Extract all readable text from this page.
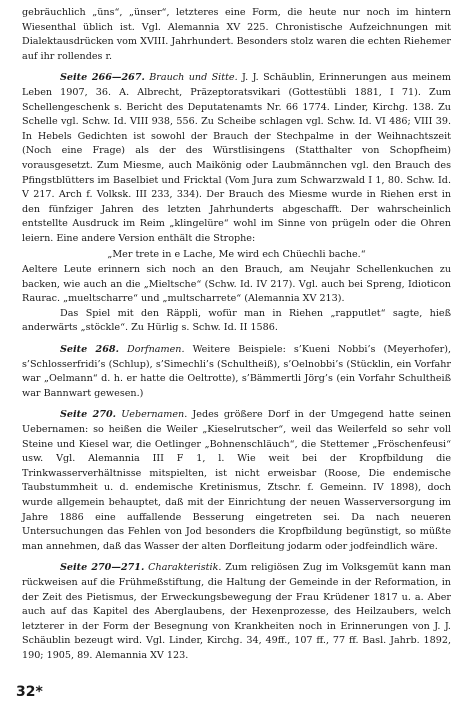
gebräuchlich „üns“, „ünser“, letzteres eine Form, die heute nur noch im hintern Wiesenthal üblich ist. Vgl. Alemannia XV 225. Chronistische Aufzeichnungen mit Dialektausdrücken vom XVIII. Jahrhundert. Besonders stolz waren die echten Riehemer auf ihr rollendes r.

Seite 266—267. Brauch und Sitte. J. J. Schäublin, Erinnerungen aus meinem Leben 1907, 36. A. Albrecht, Präzeptoratsvikari (Gottestübli 1881, I 71). Zum Schellengeschenk s. Bericht des Deputatenamts Nr. 66 1774. Linder, Kirchg. 138. Zu Schelle vgl. Schw. Id. VIII 938, 556. Zu Scheibe schlagen vgl. Schw. Id. VI 486; VIII 39. In Hebels Gedichten ist sowohl der Brauch der Stechpalme in der Weihnachtszeit (Noch eine Frage) als der des Würstlisingens (Statthalter von Schopfheim) vorausgesetzt. Zum Miesme, auch Maikönig oder Laubmännchen vgl. den Brauch des Pfingstblütters im Baselbiet und Fricktal (Vom Jura zum Schwarzwald I 1, 80. Schw. Id. V 217. Arch f. Volksk. III 233, 334). Der Brauch des Miesme wurde in Riehen erst in den fünfziger Jahren des letzten Jahrhunderts abgeschafft. Der wahrscheinlich entstellte Ausdruck im Reim „klingelüre“ wohl im Sinne von prügeln oder die Ohren leiern. Eine andere Version enthält die Strophe:

„Mer trete in e Lache, Me wird ech Chüechli bache.“

Aeltere Leute erinnern sich noch an den Brauch, am Neujahr Schellenkuchen zu backen, wie auch an die „Mieltsche“ (Schw. Id. IV 217). Vgl. auch bei Spreng, Idioticon Raurac. „mueltscharre“ und „multscharrete“ (Alemannia XV 213).

Das Spiel mit den Räppli, wofür man in Riehen „rapputlet“ sagte, hieß anderwärts „stöckle“. Zu Hürlig s. Schw. Id. II 1586.

Seite 268. Dorfnamen. Weitere Beispiele: s’Kueni Nobbi’s (Meyerhofer), s’Schlosserfridi’s (Schlup), s’Simechli’s (Schultheiß), s’Oelnobbi’s (Stücklin, ein Vorfahr war „Oelmann“ d. h. er hatte die Oeltrotte), s’Bämmertli Jörg’s (ein Vorfahr Schultheiß war Bannwart gewesen.)

Seite 270. Uebernamen. Jedes größere Dorf in der Umgegend hatte seinen Uebernamen: so heißen die Weiler „Kieselrutscher“, weil das Weilerfeld so sehr voll Steine und Kiesel war, die Oetlinger „Bohnenschläuch“, die Stettemer „Fröschenfeusi“ usw. Vgl. Alemannia III F 1, l. Wie weit bei der Kropfbildung die Trinkwasserverhältnisse mitspielten, ist nicht erweisbar (Roose, Die endemische Taubstummheit u. d. endemische Kretinismus, Ztschr. f. Gemeinn. IV 1898), doch wurde allgemein behauptet, daß mit der Einrichtung der neuen Wasserversorgung im Jahre 1886 eine auffallende Besserung eingetreten sei. Da nach neueren Untersuchungen das Fehlen von Jod besonders die Kropfbildung begünstigt, so müßte man annehmen, daß das Wasser der alten Dorfleitung jodarm oder jodfeindlich wäre.

Seite 270—271. Charakteristik. Zum religiösen Zug im Volksgemüt kann man rückweisen auf die Frühmeßstiftung, die Haltung der Gemeinde in der Reformation, in der Zeit des Pietismus, der Erweckungsbewegung der Frau Krüdener 1817 u. a. Aber auch auf das Kapitel des Aberglaubens, der Hexenprozesse, des Heilzaubers, welch letzterer in der Form der Besegnung von Krankheiten noch in Erinnerungen von J. J. Schäublin bezeugt wird. Vgl. Linder, Kirchg. 34, 49ff., 107 ff., 77 ff. Basl. Jahrb. 1892, 190; 1905, 89. Alemannia XV 123.

32*
